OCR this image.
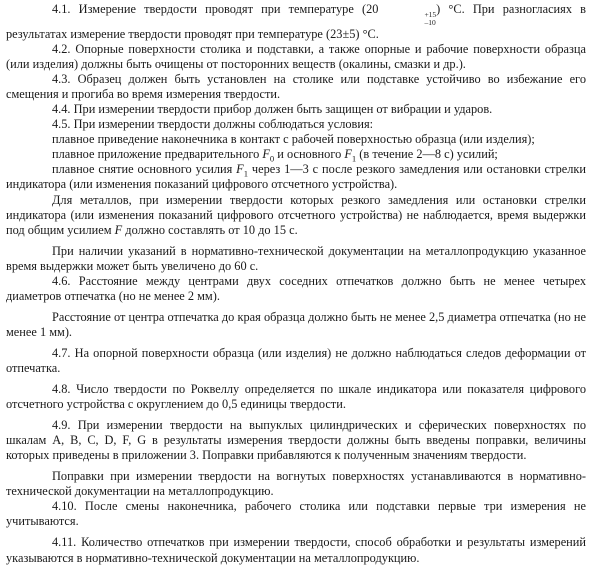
4.1. Измерение твердости проводят при температуре (20	+15
–10
) °С. При разногласиях в результатах измерение твердости проводят при температуре (23±5) °С.

4.2. Опорные поверхности столика и подставки, а также опорные и рабочие поверхности образца (или изделия) должны быть очищены от посторонних веществ (окалины, смазки и др.).

4.3. Образец должен быть установлен на столике или подставке устойчиво во избежание его смещения и прогиба во время измерения твердости.

4.4. При измерении твердости прибор должен быть защищен от вибрации и ударов.

4.5. При измерении твердости должны соблюдаться условия:

плавное приведение наконечника в контакт с рабочей поверхностью образца (или изделия);

плавное приложение предварительного $F_0$ и основного $F_1$ (в течение 2—8 с) усилий;

плавное снятие основного усилия $F_1$ через 1—3 с после резкого замедления или остановки стрелки индикатора (или изменения показаний цифрового отсчетного устройства).

Для металлов, при измерении твердости которых резкого замедления или остановки стрелки индикатора (или изменения показаний цифрового отсчетного устройства) не наблюдается, время выдержки под общим усилием F должно составлять от 10 до 15 с.

При наличии указаний в нормативно-технической документации на металлопродукцию указанное время выдержки может быть увеличено до 60 с.

4.6. Расстояние между центрами двух соседних отпечатков должно быть не менее четырех диаметров отпечатка (но не менее 2 мм).

Расстояние от центра отпечатка до края образца должно быть не менее 2,5 диаметра отпечатка (но не менее 1 мм).

4.7. На опорной поверхности образца (или изделия) не должно наблюдаться следов деформации от отпечатка.

4.8. Число твердости по Роквеллу определяется по шкале индикатора или показателя цифрового отсчетного устройства с округлением до 0,5 единицы твердости.

4.9. При измерении твердости на выпуклых цилиндрических и сферических поверхностях по шкалам A, B, C, D, F, G в результаты измерения твердости должны быть введены поправки, величины которых приведены в приложении 3. Поправки прибавляются к полученным значениям твердости.

Поправки при измерении твердости на вогнутых поверхностях устанавливаются в нормативно-технической документации на металлопродукцию.

4.10. После смены наконечника, рабочего столика или подставки первые три измерения не учитываются.

4.11. Количество отпечатков при измерении твердости, способ обработки и результаты измерений указываются в нормативно-технической документации на металлопродукцию.
